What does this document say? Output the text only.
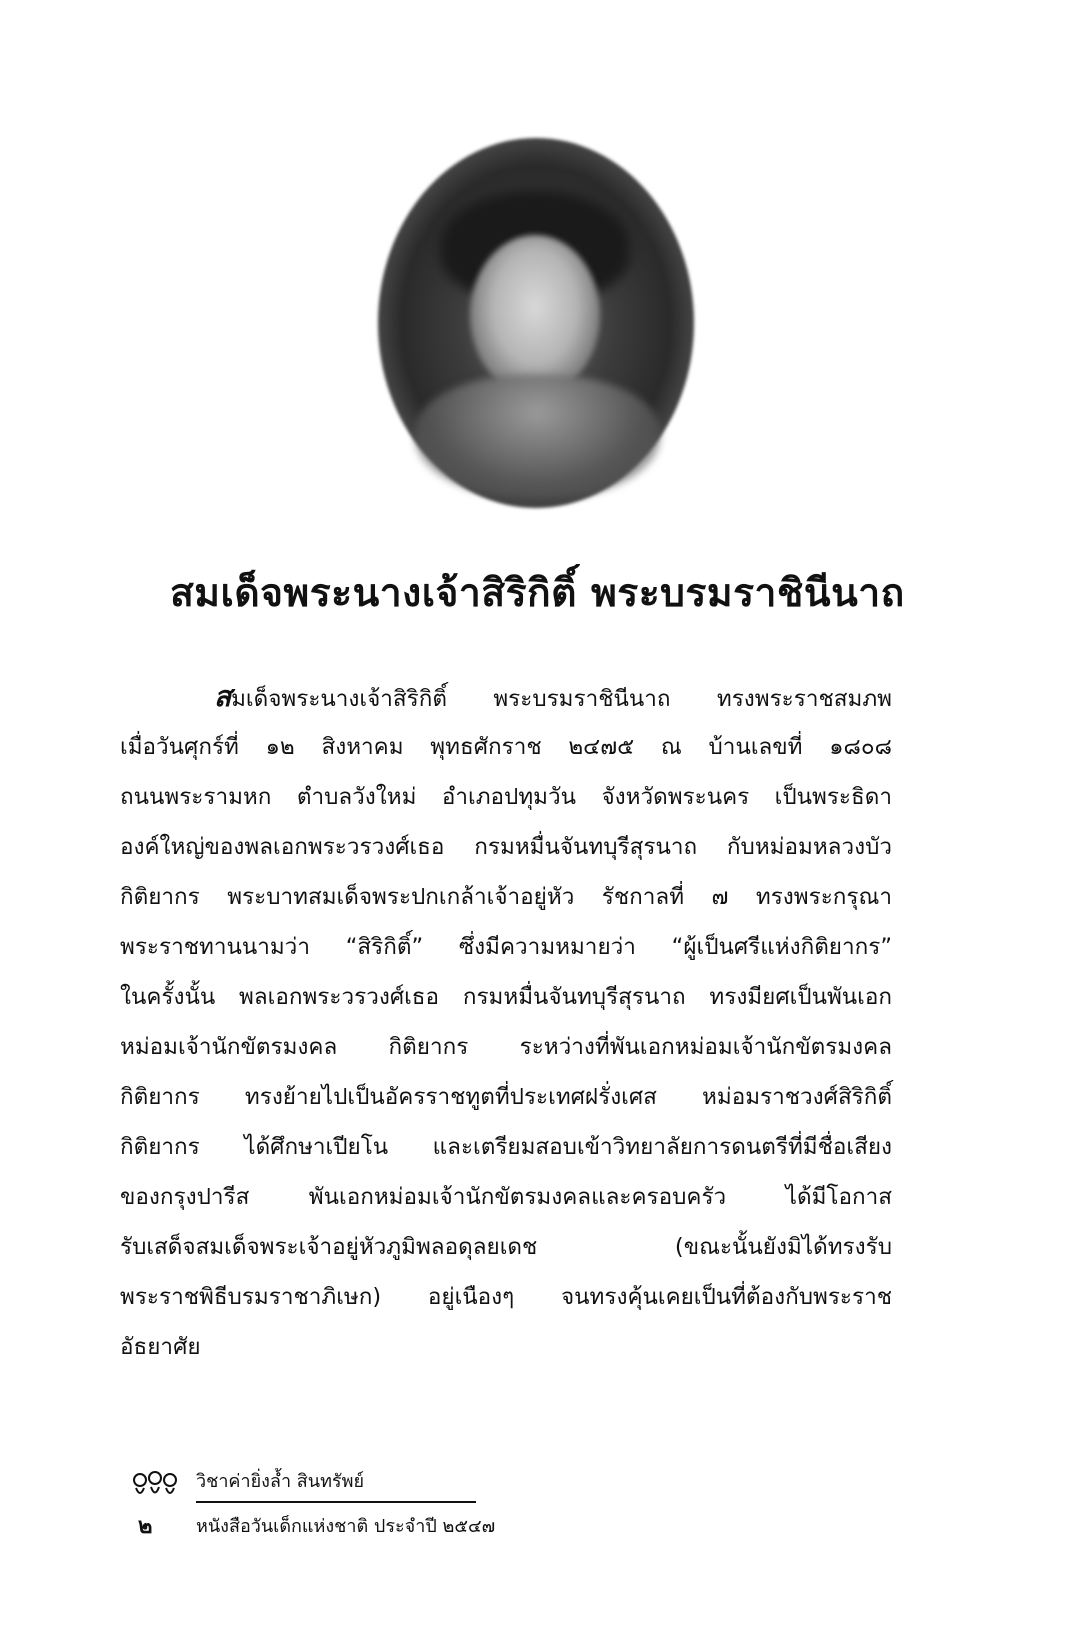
สมเด็จพระนางเจ้าสิริกิติ์ พระบรมราชินีนาถ
สมเด็จพระนางเจ้าสิริกิติ์ พระบรมราชินีนาถ ทรงพระราชสมภพ
เมื่อวันศุกร์ที่ ๑๒ สิงหาคม พุทธศักราช ๒๔๗๕ ณ บ้านเลขที่ ๑๘๐๘
ถนนพระรามหก ตำบลวังใหม่ อำเภอปทุมวัน จังหวัดพระนคร เป็นพระธิดา
องค์ใหญ่ของพลเอกพระวรวงศ์เธอ กรมหมื่นจันทบุรีสุรนาถ กับหม่อมหลวงบัว
กิติยากร พระบาทสมเด็จพระปกเกล้าเจ้าอยู่หัว รัชกาลที่ ๗ ทรงพระกรุณา
พระราชทานนามว่า “สิริกิติ์” ซึ่งมีความหมายว่า “ผู้เป็นศรีแห่งกิติยากร”
ในครั้งนั้น พลเอกพระวรวงศ์เธอ กรมหมื่นจันทบุรีสุรนาถ ทรงมียศเป็นพันเอก
หม่อมเจ้านักขัตรมงคล กิติยากร ระหว่างที่พันเอกหม่อมเจ้านักขัตรมงคล
กิติยากร ทรงย้ายไปเป็นอัครราชทูตที่ประเทศฝรั่งเศส หม่อมราชวงศ์สิริกิติ์
กิติยากร ได้ศึกษาเปียโน และเตรียมสอบเข้าวิทยาลัยการดนตรีที่มีชื่อเสียง
ของกรุงปารีส พันเอกหม่อมเจ้านักขัตรมงคลและครอบครัว ได้มีโอกาส
รับเสด็จสมเด็จพระเจ้าอยู่หัวภูมิพลอดุลยเดช (ขณะนั้นยังมิได้ทรงรับ
พระราชพิธีบรมราชาภิเษก) อยู่เนืองๆ จนทรงคุ้นเคยเป็นที่ต้องกับพระราช
อัธยาศัย
วิชาค่ายิ่งล้ำ สินทรัพย์
๒ หนังสือวันเด็กแห่งชาติ ประจำปี ๒๕๔๗
